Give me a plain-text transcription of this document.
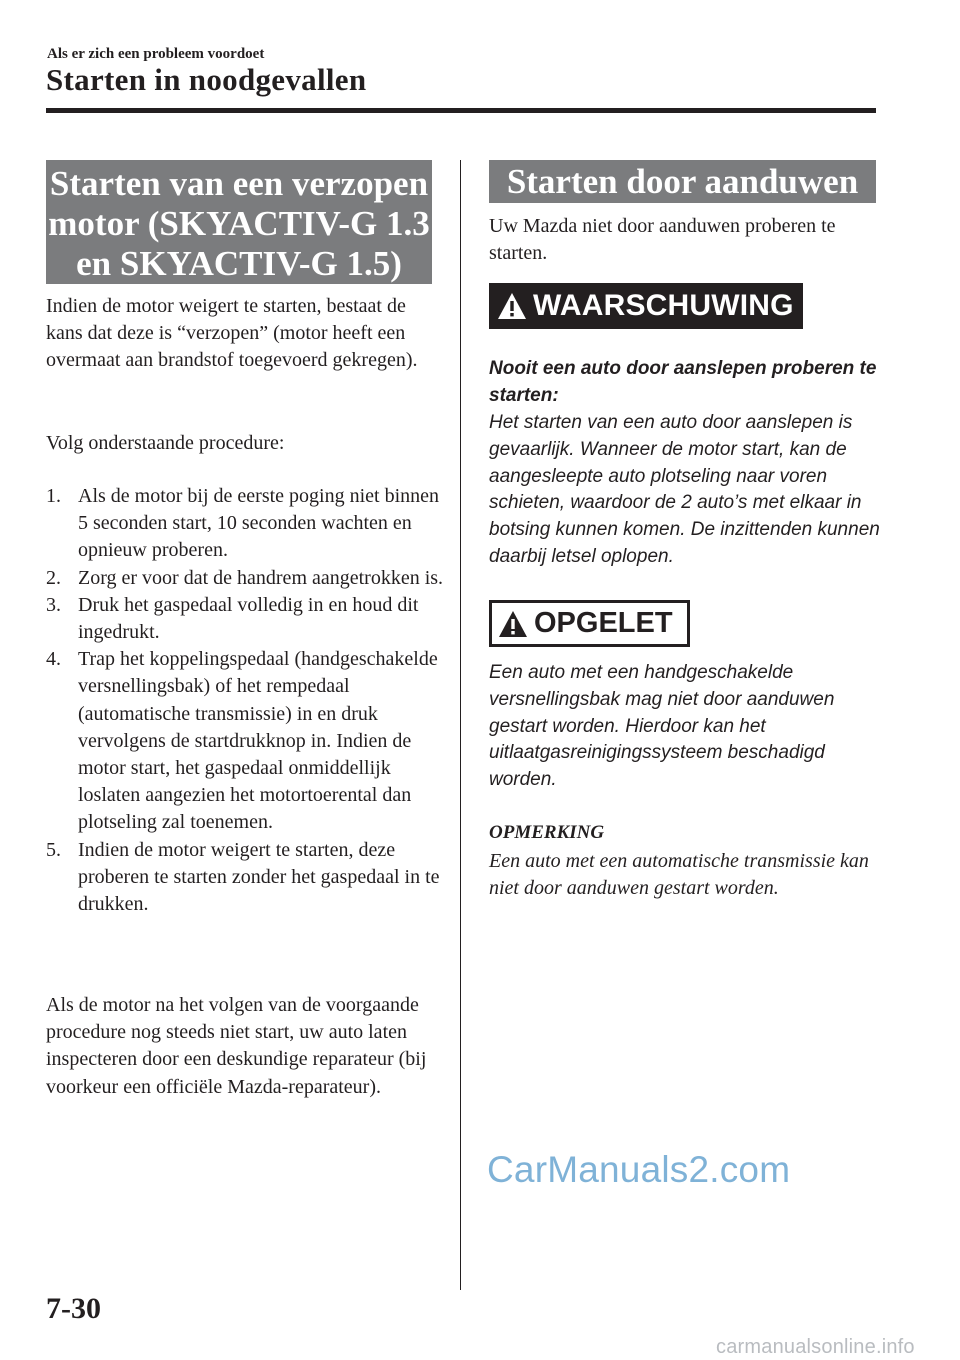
Als er zich een probleem voordoet
Starten in noodgevallen
Starten van een verzopen motor (SKYACTIV-G 1.3 en SKYACTIV-G 1.5)
Indien de motor weigert te starten, bestaat de kans dat deze is “verzopen” (motor heeft een overmaat aan brandstof toegevoerd gekregen).
Volg onderstaande procedure:
1. Als de motor bij de eerste poging niet binnen 5 seconden start, 10 seconden wachten en opnieuw proberen.
2. Zorg er voor dat de handrem aangetrokken is.
3. Druk het gaspedaal volledig in en houd dit ingedrukt.
4. Trap het koppelingspedaal (handgeschakelde versnellingsbak) of het rempedaal (automatische transmissie) in en druk vervolgens de startdrukknop in. Indien de motor start, het gaspedaal onmiddellijk loslaten aangezien het motortoerental dan plotseling zal toenemen.
5. Indien de motor weigert te starten, deze proberen te starten zonder het gaspedaal in te drukken.
Als de motor na het volgen van de voorgaande procedure nog steeds niet start, uw auto laten inspecteren door een deskundige reparateur (bij voorkeur een officiële Mazda-reparateur).
Starten door aanduwen
Uw Mazda niet door aanduwen proberen te starten.
WAARSCHUWING
Nooit een auto door aanslepen proberen te starten:
Het starten van een auto door aanslepen is gevaarlijk. Wanneer de motor start, kan de aangesleepte auto plotseling naar voren schieten, waardoor de 2 auto’s met elkaar in botsing kunnen komen. De inzittenden kunnen daarbij letsel oplopen.
OPGELET
Een auto met een handgeschakelde versnellingsbak mag niet door aanduwen gestart worden. Hierdoor kan het uitlaatgasreinigingssysteem beschadigd worden.
OPMERKING
Een auto met een automatische transmissie kan niet door aanduwen gestart worden.
CarManuals2.com
7-30
carmanualsonline.info
